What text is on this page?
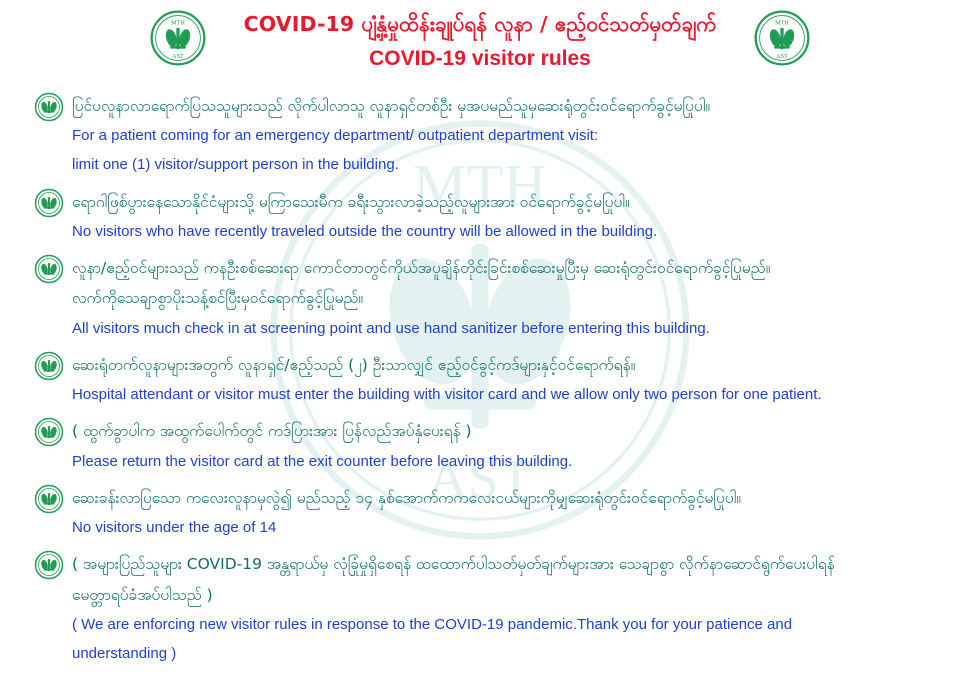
MTH
AST
MTH
AST
MTH
AST
COVID-19 ပျံ့နှံ့မှုထိန်းချုပ်ရန် လူနာ / ဧည့်ဝင်သတ်မှတ်ချက်
COVID-19 visitor rules
ပြင်ပလူနာလာရောက်ပြသသူများသည် လိုက်ပါလာသူ လူနာရှင်တစ်ဦး မှအပမည်သူမှဆေးရုံတွင်းဝင်ရောက်ခွင့်မပြုပါ။
For a patient coming for an emergency department/ outpatient department visit:
limit one (1) visitor/support person in the building.
ရောဂါဖြစ်ပွားနေသောနိုင်ငံများသို့ မကြာသေးမီက ခရီးသွားလာခဲ့သည့်လူများအား ဝင်ရောက်ခွင့်မပြုပါ။
No visitors who have recently traveled outside the country will be allowed in the building.
လူနာ/ဧည့်ဝင်များသည် ကနဦးစစ်ဆေးရာ ကောင်တာတွင်ကိုယ်အပူချိန်တိုင်းခြင်းစစ်ဆေးမှုပြီးမှ ဆေးရုံတွင်းဝင်ရောက်ခွင့်ပြုမည်။
လက်ကိုသေချာစွာပိုးသန့်စင်ပြီးမှဝင်ရောက်ခွင့်ပြုမည်။
All visitors much check in at screening point and use hand sanitizer before entering this building.
ဆေးရုံတက်လူနာများအတွက် လူနာရှင်/ဧည့်သည် (၂) ဦးသာလျှင် ဧည့်ဝင်ခွင့်ကဒ်များနှင့်ဝင်ရောက်ရန်။
Hospital attendant or visitor must enter the building with visitor card and we allow only two person for one patient.
( ထွက်ခွာပါက အထွက်ပေါက်တွင် ကဒ်ပြားအား ပြန်လည်အပ်နှံပေးရန် )
Please return the visitor card at the exit counter before leaving this building.
ဆေးခန်းလာပြသော ကလေးလူနာမှလွဲ၍ မည်သည့် ၁၄ နှစ်အောက်ကကလေးငယ်များကိုမျှဆေးရုံတွင်းဝင်ရောက်ခွင့်မပြုပါ။
No visitors under the age of 14
( အများပြည်သူများ COVID-19 အန္တရာယ်မှ လုံခြုံမှုရှိစေရန် ထထောက်ပါသတ်မှတ်ချက်များအား သေချာစွာ လိုက်နာဆောင်ရွက်ပေးပါရန်
မေတ္တာရပ်ခံအပ်ပါသည် )
( We are enforcing new visitor rules in response to the COVID-19 pandemic.Thank you for your patience and
understanding )
